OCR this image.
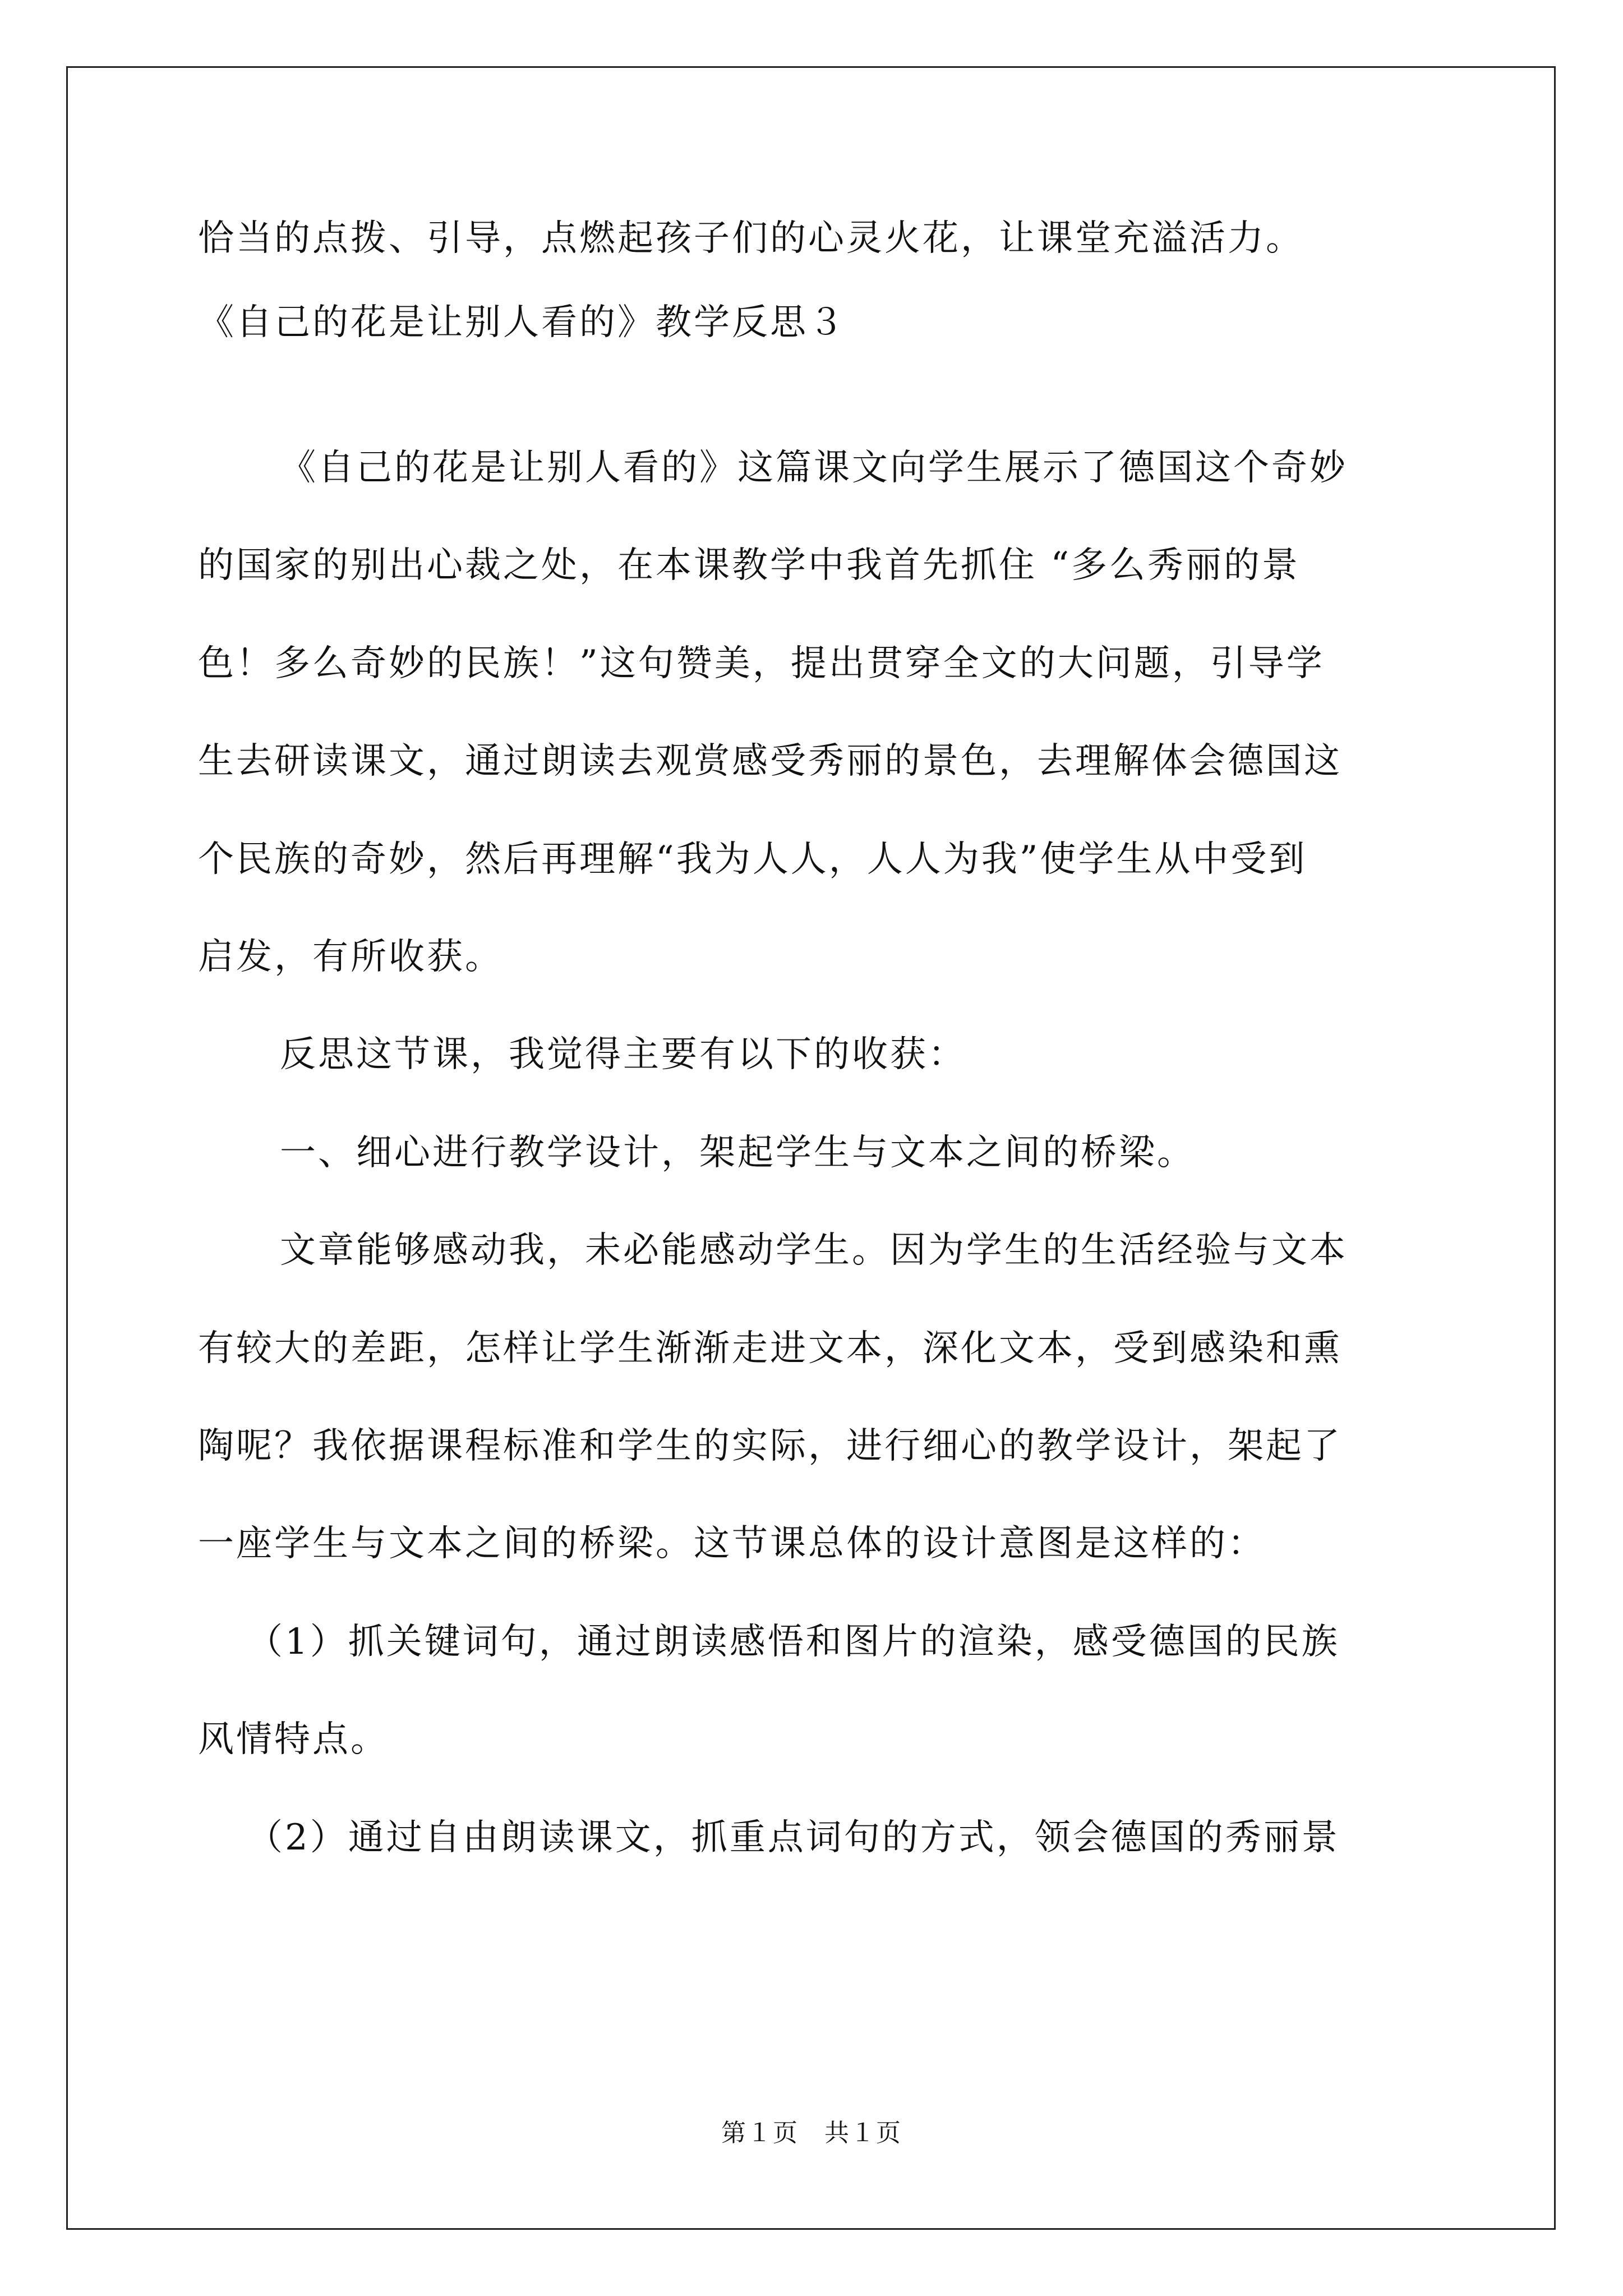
恰当的点拨、引导，点燃起孩子们的心灵火花，让课堂充溢活力。
《自己的花是让别人看的》教学反思３
《自己的花是让别人看的》这篇课文向学生展示了德国这个奇妙
的国家的别出心裁之处，在本课教学中我首先抓住 “多么秀丽的景
色！多么奇妙的民族！”这句赞美，提出贯穿全文的大问题，引导学
生去研读课文，通过朗读去观赏感受秀丽的景色，去理解体会德国这
个民族的奇妙，然后再理解“我为人人，人人为我”使学生从中受到
启发，有所收获。
反思这节课，我觉得主要有以下的收获：
一、细心进行教学设计，架起学生与文本之间的桥梁。
文章能够感动我，未必能感动学生。因为学生的生活经验与文本
有较大的差距，怎样让学生渐渐走进文本，深化文本，受到感染和熏
陶呢？我依据课程标准和学生的实际，进行细心的教学设计，架起了
一座学生与文本之间的桥梁。这节课总体的设计意图是这样的：
（1）抓关键词句，通过朗读感悟和图片的渲染，感受德国的民族
风情特点。
（2）通过自由朗读课文，抓重点词句的方式，领会德国的秀丽景
第１页　共１页
